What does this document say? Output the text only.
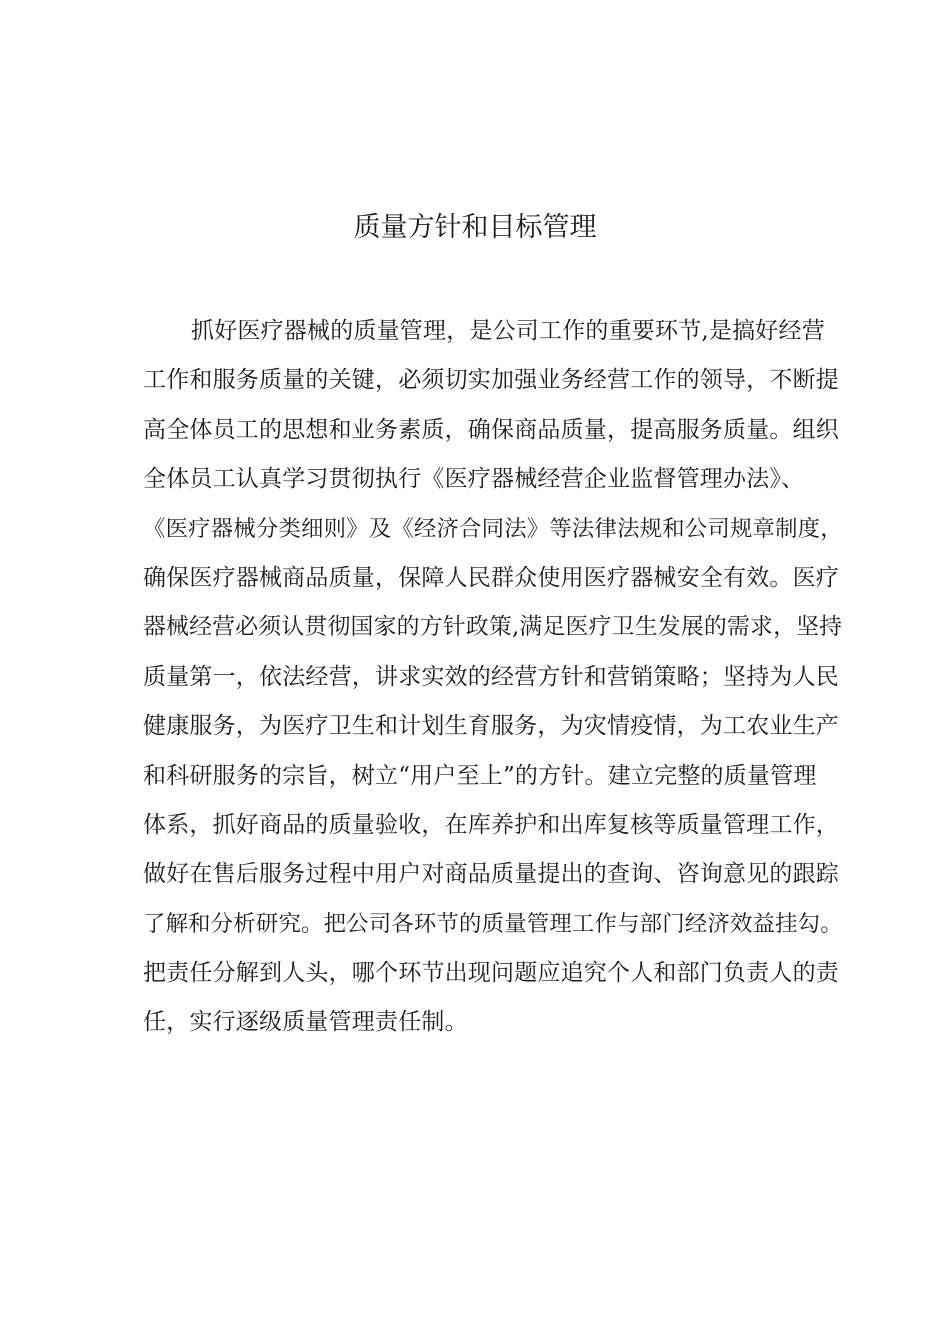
质量方针和目标管理
抓好医疗器械的质量管理，是公司工作的重要环节,是搞好经营
工作和服务质量的关键，必须切实加强业务经营工作的领导，不断提
高全体员工的思想和业务素质，确保商品质量，提高服务质量。组织
全体员工认真学习贯彻执行《医疗器械经营企业监督管理办法》、
《医疗器械分类细则》及《经济合同法》等法律法规和公司规章制度，
确保医疗器械商品质量，保障人民群众使用医疗器械安全有效。医疗
器械经营必须认贯彻国家的方针政策,满足医疗卫生发展的需求，坚持
质量第一，依法经营，讲求实效的经营方针和营销策略；坚持为人民
健康服务，为医疗卫生和计划生育服务，为灾情疫情，为工农业生产
和科研服务的宗旨，树立“用户至上”的方针。建立完整的质量管理
体系，抓好商品的质量验收，在库养护和出库复核等质量管理工作，
做好在售后服务过程中用户对商品质量提出的查询、咨询意见的跟踪
了解和分析研究。把公司各环节的质量管理工作与部门经济效益挂勾。
把责任分解到人头，哪个环节出现问题应追究个人和部门负责人的责
任，实行逐级质量管理责任制。
